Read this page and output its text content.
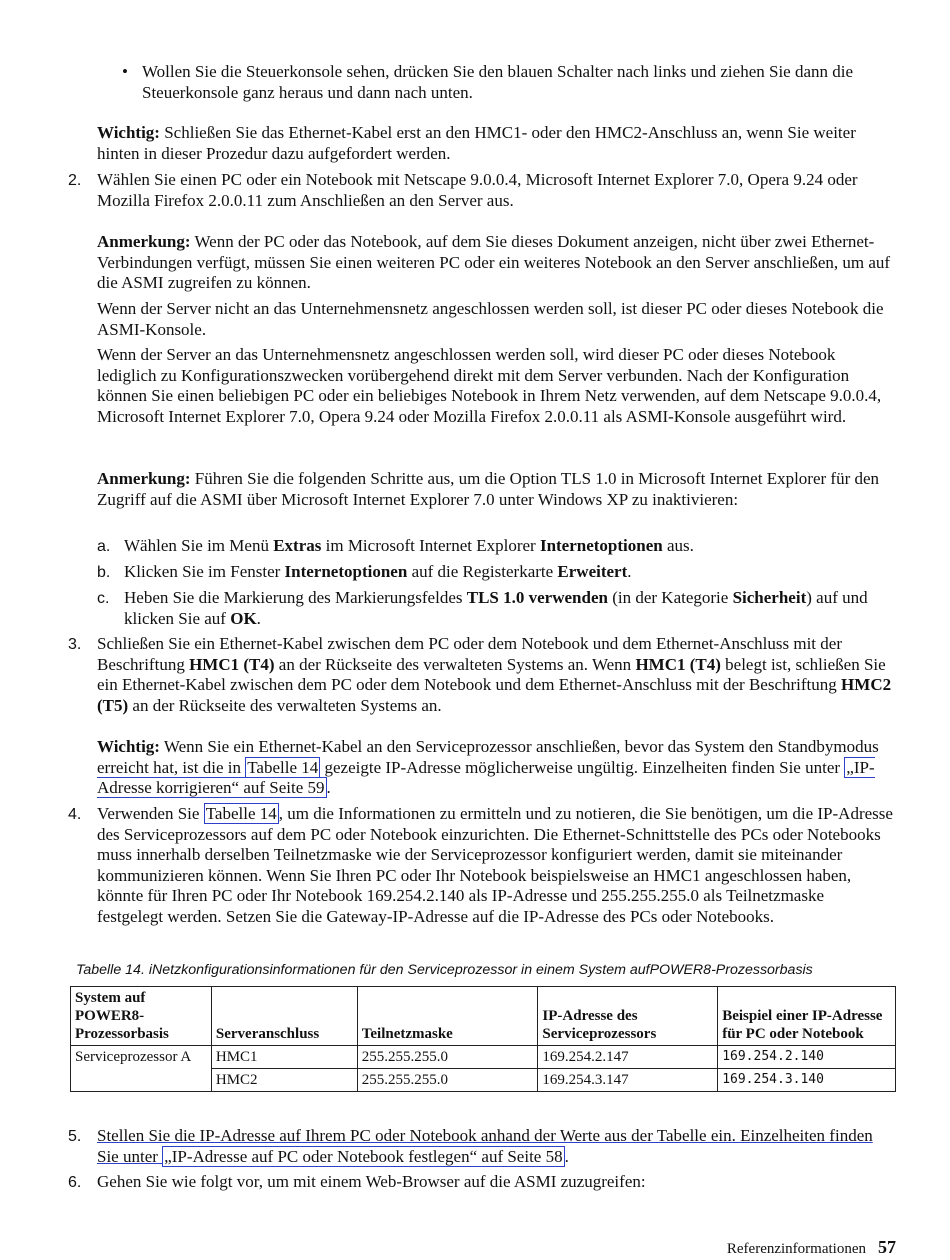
• Wollen Sie die Steuerkonsole sehen, drücken Sie den blauen Schalter nach links und ziehen Sie dann die Steuerkonsole ganz heraus und dann nach unten.

Wichtig: Schließen Sie das Ethernet-Kabel erst an den HMC1- oder den HMC2-Anschluss an, wenn Sie weiter hinten in dieser Prozedur dazu aufgefordert werden.

2. Wählen Sie einen PC oder ein Notebook mit Netscape 9.0.0.4, Microsoft Internet Explorer 7.0, Opera 9.24 oder Mozilla Firefox 2.0.0.11 zum Anschließen an den Server aus.

Anmerkung: Wenn der PC oder das Notebook, auf dem Sie dieses Dokument anzeigen, nicht über zwei Ethernet-Verbindungen verfügt, müssen Sie einen weiteren PC oder ein weiteres Notebook an den Server anschließen, um auf die ASMI zugreifen zu können.

Wenn der Server nicht an das Unternehmensnetz angeschlossen werden soll, ist dieser PC oder dieses Notebook die ASMI-Konsole.

Wenn der Server an das Unternehmensnetz angeschlossen werden soll, wird dieser PC oder dieses Notebook lediglich zu Konfigurationszwecken vorübergehend direkt mit dem Server verbunden. Nach der Konfiguration können Sie einen beliebigen PC oder ein beliebiges Notebook in Ihrem Netz verwenden, auf dem Netscape 9.0.0.4, Microsoft Internet Explorer 7.0, Opera 9.24 oder Mozilla Firefox 2.0.0.11 als ASMI-Konsole ausgeführt wird.

Anmerkung: Führen Sie die folgenden Schritte aus, um die Option TLS 1.0 in Microsoft Internet Explorer für den Zugriff auf die ASMI über Microsoft Internet Explorer 7.0 unter Windows XP zu inaktivieren:

a. Wählen Sie im Menü Extras im Microsoft Internet Explorer Internetoptionen aus.

b. Klicken Sie im Fenster Internetoptionen auf die Registerkarte Erweitert.

c. Heben Sie die Markierung des Markierungsfeldes TLS 1.0 verwenden (in der Kategorie Sicherheit) auf und klicken Sie auf OK.

3. Schließen Sie ein Ethernet-Kabel zwischen dem PC oder dem Notebook und dem Ethernet-Anschluss mit der Beschriftung HMC1 (T4) an der Rückseite des verwalteten Systems an. Wenn HMC1 (T4) belegt ist, schließen Sie ein Ethernet-Kabel zwischen dem PC oder dem Notebook und dem Ethernet-Anschluss mit der Beschriftung HMC2 (T5) an der Rückseite des verwalteten Systems an.

Wichtig: Wenn Sie ein Ethernet-Kabel an den Serviceprozessor anschließen, bevor das System den Standbymodus erreicht hat, ist die in Tabelle 14 gezeigte IP-Adresse möglicherweise ungültig. Einzelheiten finden Sie unter „IP-Adresse korrigieren“ auf Seite 59 .

4. Verwenden Sie Tabelle 14 , um die Informationen zu ermitteln und zu notieren, die Sie benötigen, um die IP-Adresse des Serviceprozessors auf dem PC oder Notebook einzurichten. Die Ethernet-Schnittstelle des PCs oder Notebooks muss innerhalb derselben Teilnetzmaske wie der Serviceprozessor konfiguriert werden, damit sie miteinander kommunizieren können. Wenn Sie Ihren PC oder Ihr Notebook beispielsweise an HMC1 angeschlossen haben, könnte für Ihren PC oder Ihr Notebook 169.254.2.140 als IP-Adresse und 255.255.255.0 als Teilnetzmaske festgelegt werden. Setzen Sie die Gateway-IP-Adresse auf die IP-Adresse des PCs oder Notebooks.

Tabelle 14. iNetzkonfigurationsinformationen für den Serviceprozessor in einem System aufPOWER8-Prozessorbasis
System auf POWER8-Prozessorbasis	Serveranschluss	Teilnetzmaske	IP-Adresse des Serviceprozessors	Beispiel einer IP-Adresse für PC oder Notebook
Serviceprozessor A	HMC1	255.255.255.0	169.254.2.147	169.254.2.140
	HMC2	255.255.255.0	169.254.3.147	169.254.3.140
5. Stellen Sie die IP-Adresse auf Ihrem PC oder Notebook anhand der Werte aus der Tabelle ein. Einzelheiten finden Sie unter „IP-Adresse auf PC oder Notebook festlegen“ auf Seite 58 .

6. Gehen Sie wie folgt vor, um mit einem Web-Browser auf die ASMI zuzugreifen:

Referenzinformationen 57
